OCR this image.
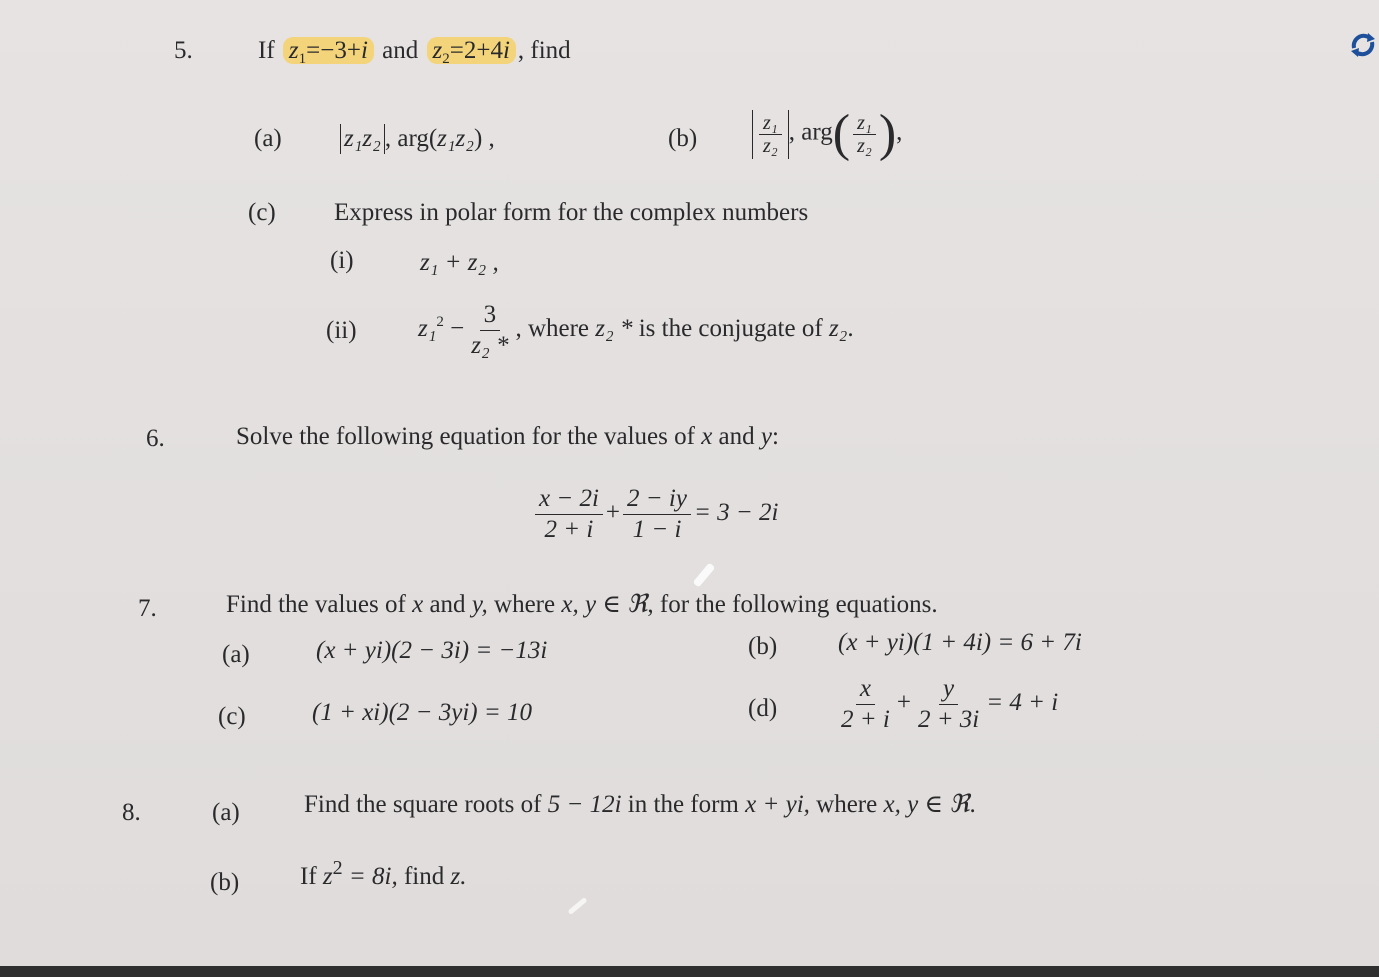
5.	If $z_1=-3+i$ and $z_2=2+4i$ , find
(a) z₁z₂ , arg(z₁z₂) ,	(b)	$\frac{\text{z₁}}{\text{z₂}}$ , $arg( \frac{\text{z₁}}{\text{z₂}}$ ),
(c) Express in polar form for the complex numbers
(i)	z₁ + z₂ ,
(ii) $z_1^2 - \frac{3}{\text{z₂ *}}$ , where z₂ * is the conjugate of z₂.
6.	Solve the following equation for the values of x and y:
$\frac{x - 2i}{2 + i} + \frac{2 - iy}{1 - i} = 3 - 2i$
7.	Find the values of x and y, where x, y ∈ ℜ, for the following equations.
(a)	(x + yi)(2 − 3i) = −13i	(b) (x + yi)(1 + 4i) = 6 + 7i
(c)	(1 + xi)(2 − 3yi) = 10	$(d) \frac{x}{2 + i} + \frac{y}{2 + 3i} = 4 + i$
8.	(a)	Find the square roots of 5 − 12i in the form x + yi, where x, y ∈ ℜ.
(b) If $z^2 = 8i$, find z.
